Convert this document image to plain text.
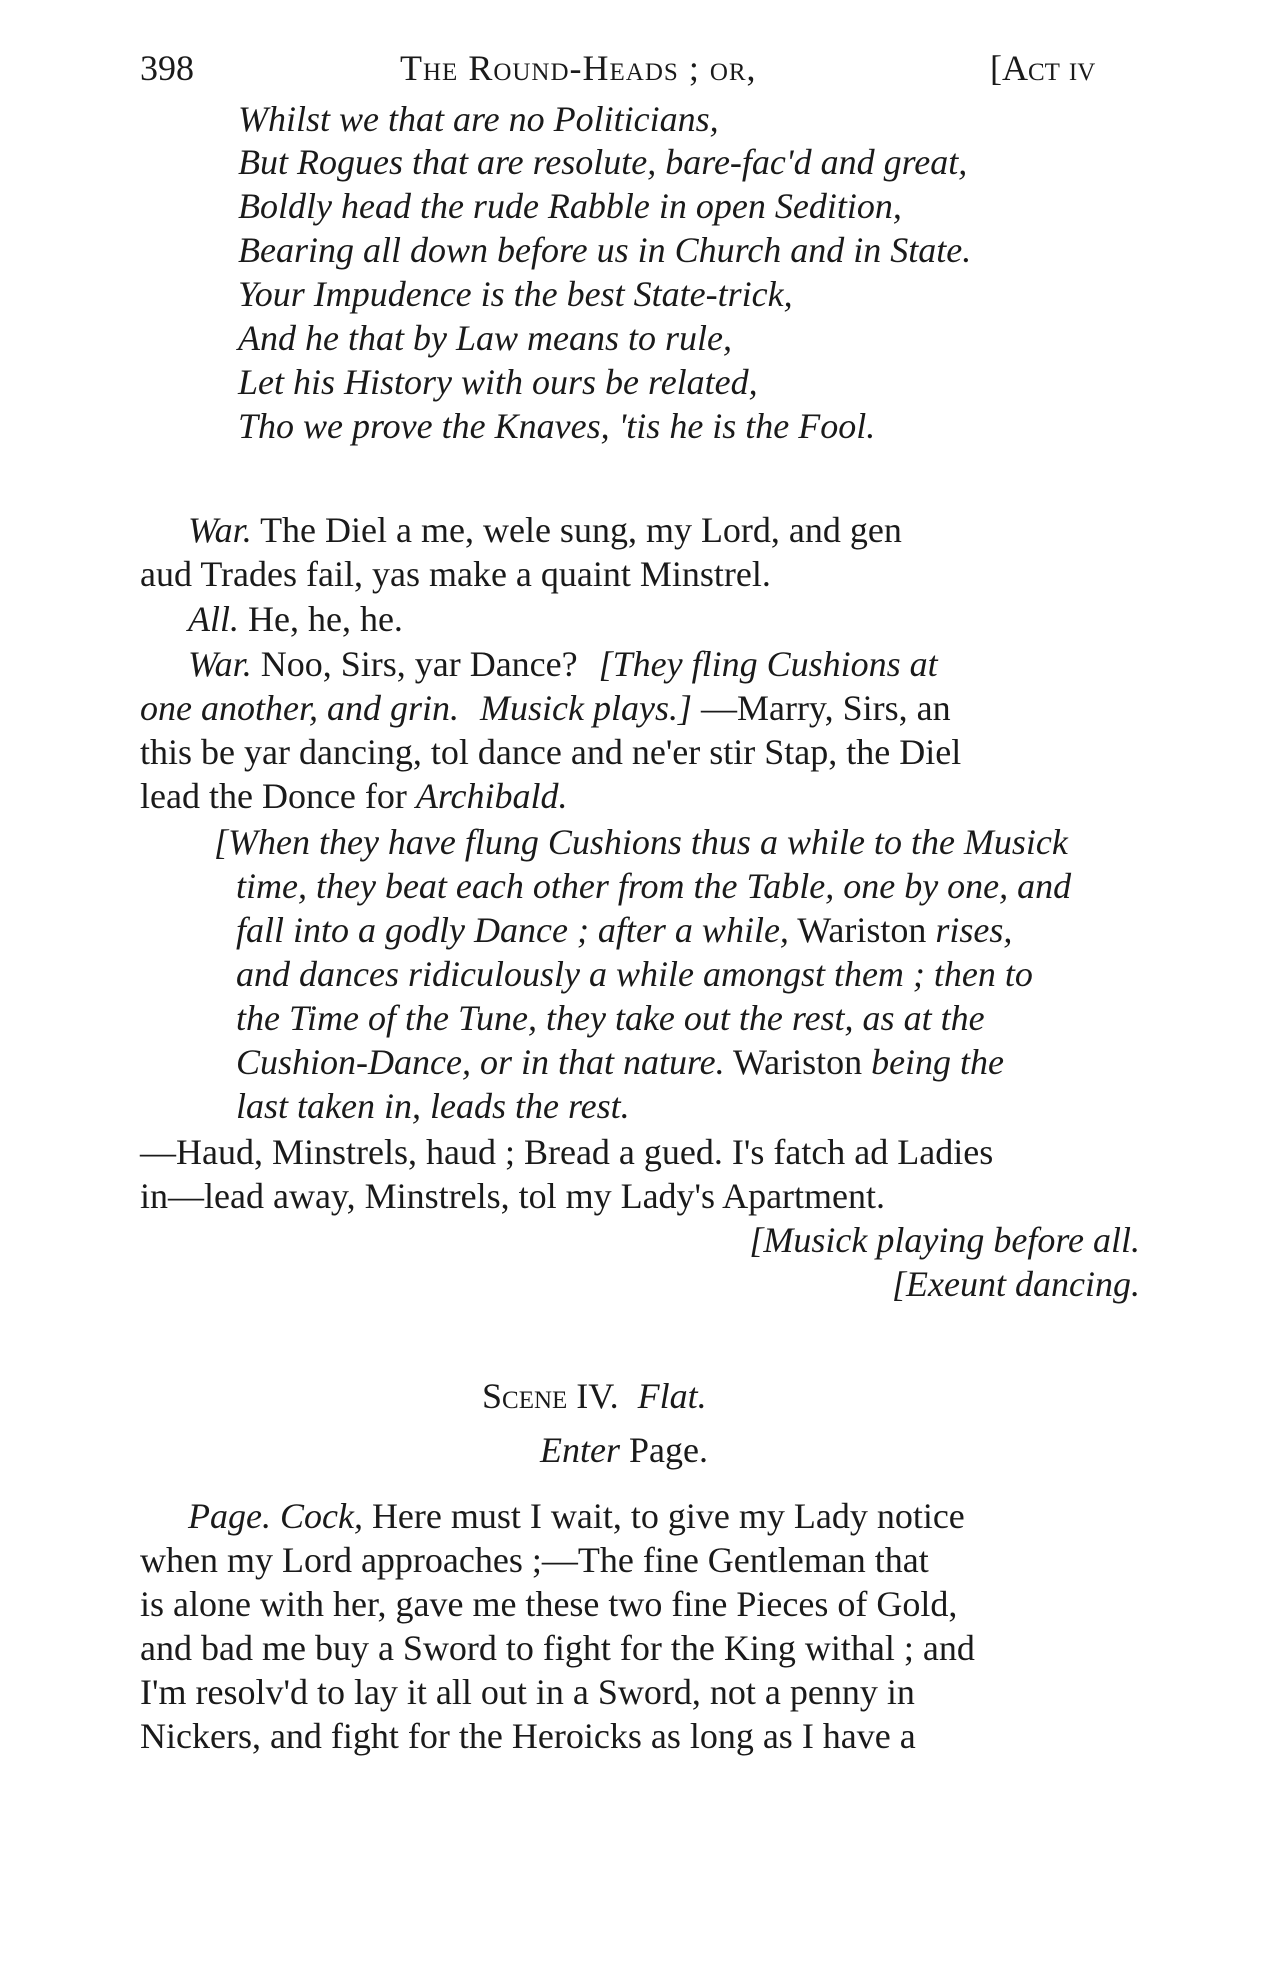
398	The Round-Heads ; or,	[Act iv
Whilst we that are no Politicians,
But Rogues that are resolute, bare-fac'd and great,
Boldly head the rude Rabble in open Sedition,
Bearing all down before us in Church and in State.
Your Impudence is the best State-trick,
And he that by Law means to rule,
Let his History with ours be related,
Tho we prove the Knaves, 'tis he is the Fool.
War. The Diel a me, wele sung, my Lord, and gen
aud Trades fail, yas make a quaint Minstrel.
All. He, he, he.
War. Noo, Sirs, yar Dance? [They fling Cushions at
one another, and grin. Musick plays.] —Marry, Sirs, an
this be yar dancing, tol dance and ne'er stir Stap, the Diel
lead the Donce for Archibald.
[When they have flung Cushions thus a while to the Musick
time, they beat each other from the Table, one by one, and
fall into a godly Dance ; after a while, Wariston rises,
and dances ridiculously a while amongst them ; then to
the Time of the Tune, they take out the rest, as at the
Cushion-Dance, or in that nature. Wariston being the
last taken in, leads the rest.
—Haud, Minstrels, haud ; Bread a gued. I's fatch ad Ladies
in—lead away, Minstrels, tol my Lady's Apartment.
[Musick playing before all.
[Exeunt dancing.
Scene IV. Flat.
Enter Page.
Page. Cock, Here must I wait, to give my Lady notice
when my Lord approaches ;—The fine Gentleman that
is alone with her, gave me these two fine Pieces of Gold,
and bad me buy a Sword to fight for the King withal ; and
I'm resolv'd to lay it all out in a Sword, not a penny in
Nickers, and fight for the Heroicks as long as I have a
